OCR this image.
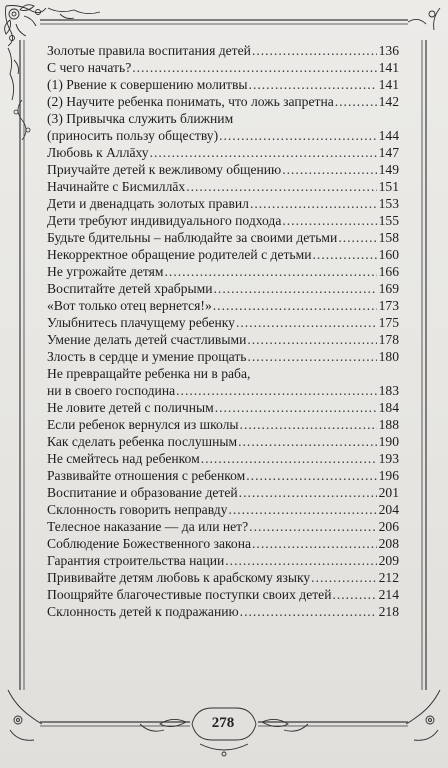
Золотые правила воспитания детей .....	136
С чего начать? .....	141
(1) Рвение к совершению молитвы .....	141
(2) Научите ребенка понимать, что ложь запретна .....	142
(3) Привычка служить ближним
(приносить пользу обществу) .....	144
Любовь к Аллāху .....	147
Приучайте детей к вежливому общению .....	149
Начинайте с Бисмиллāх .....	151
Дети и двенадцать золотых правил .....	153
Дети требуют индивидуального подхода .....	155
Будьте бдительны – наблюдайте за своими детьми .....	158
Некорректное обращение родителей с детьми .....	160
Не угрожайте детям .....	166
Воспитайте детей храбрыми .....	169
«Вот только отец вернется!» .....	173
Улыбнитесь плачущему ребенку .....	175
Умение делать детей счастливыми .....	178
Злость в сердце и умение прощать .....	180
Не превращайте ребенка ни в раба,
ни в своего господина .....	183
Не ловите детей с поличным .....	184
Если ребенок вернулся из школы .....	188
Как сделать ребенка послушным .....	190
Не смейтесь над ребенком .....	193
Развивайте отношения с ребенком .....	196
Воспитание и образование детей .....	201
Склонность говорить неправду .....	204
Телесное наказание — да или нет? .....	206
Соблюдение Божественного закона .....	208
Гарантия строительства нации .....	209
Прививайте детям любовь к арабскому языку .....	212
Поощряйте благочестивые поступки своих детей .....	214
Склонность детей к подражанию .....	218
278
